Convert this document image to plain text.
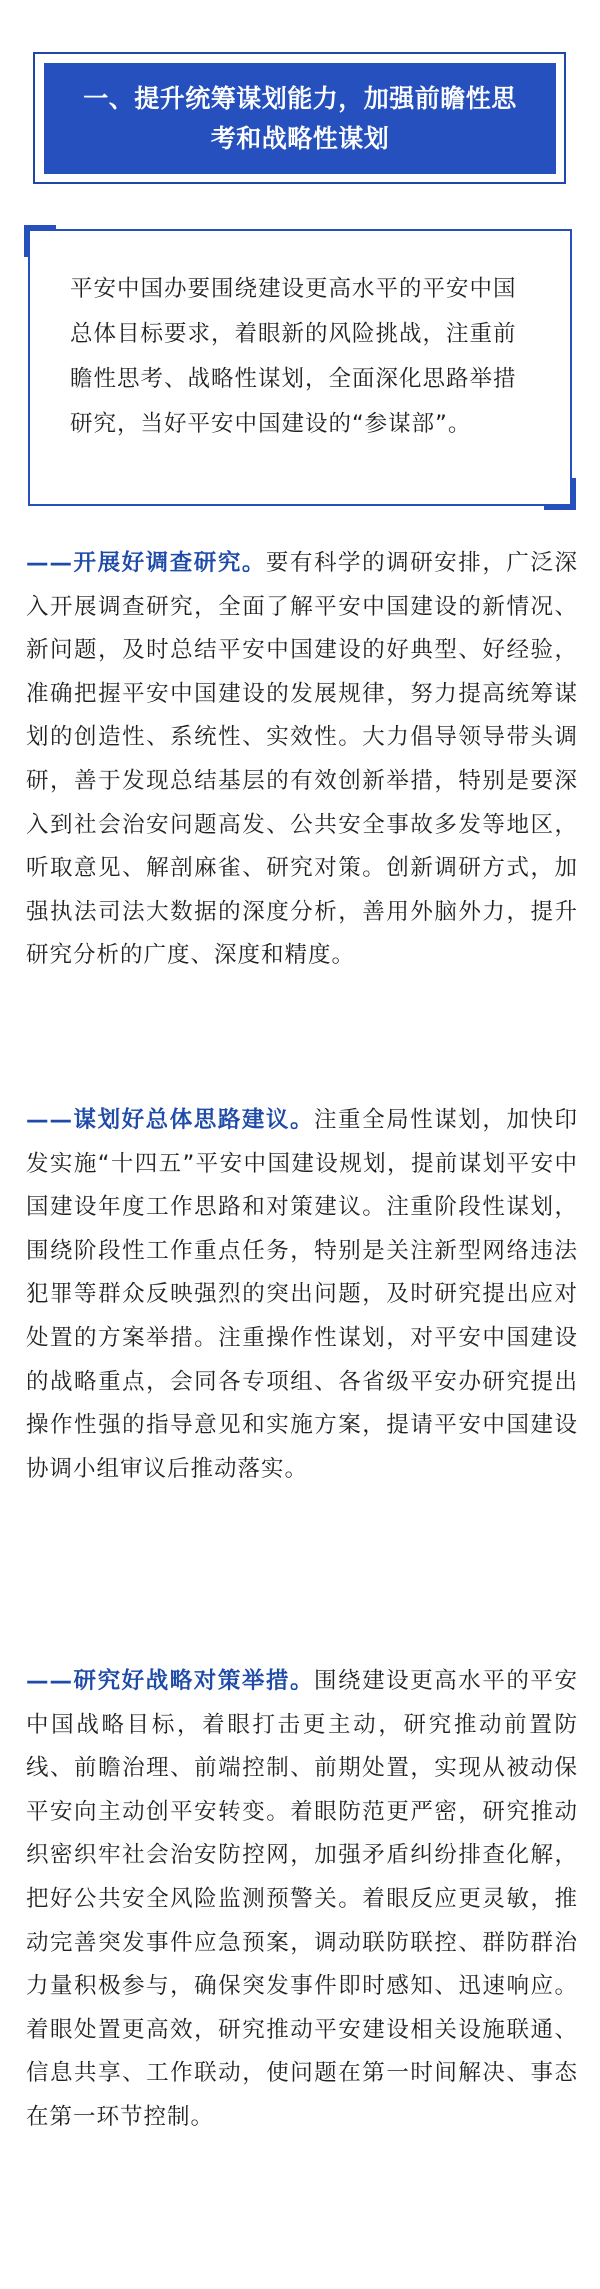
一、提升统筹谋划能力，加强前瞻性思考和战略性谋划
平安中国办要围绕建设更高水平的平安中国总体目标要求，着眼新的风险挑战，注重前瞻性思考、战略性谋划，全面深化思路举措研究，当好平安中国建设的“参谋部”。
——开展好调查研究。要有科学的调研安排，广泛深入开展调查研究，全面了解平安中国建设的新情况、新问题，及时总结平安中国建设的好典型、好经验，准确把握平安中国建设的发展规律，努力提高统筹谋划的创造性、系统性、实效性。大力倡导领导带头调研，善于发现总结基层的有效创新举措，特别是要深入到社会治安问题高发、公共安全事故多发等地区，听取意见、解剖麻雀、研究对策。创新调研方式，加强执法司法大数据的深度分析，善用外脑外力，提升研究分析的广度、深度和精度。
——谋划好总体思路建议。注重全局性谋划，加快印发实施“十四五”平安中国建设规划，提前谋划平安中国建设年度工作思路和对策建议。注重阶段性谋划，围绕阶段性工作重点任务，特别是关注新型网络违法犯罪等群众反映强烈的突出问题，及时研究提出应对处置的方案举措。注重操作性谋划，对平安中国建设的战略重点，会同各专项组、各省级平安办研究提出操作性强的指导意见和实施方案，提请平安中国建设协调小组审议后推动落实。
——研究好战略对策举措。围绕建设更高水平的平安中国战略目标，着眼打击更主动，研究推动前置防线、前瞻治理、前端控制、前期处置，实现从被动保平安向主动创平安转变。着眼防范更严密，研究推动织密织牢社会治安防控网，加强矛盾纠纷排查化解，把好公共安全风险监测预警关。着眼反应更灵敏，推动完善突发事件应急预案，调动联防联控、群防群治力量积极参与，确保突发事件即时感知、迅速响应。着眼处置更高效，研究推动平安建设相关设施联通、信息共享、工作联动，使问题在第一时间解决、事态在第一环节控制。
